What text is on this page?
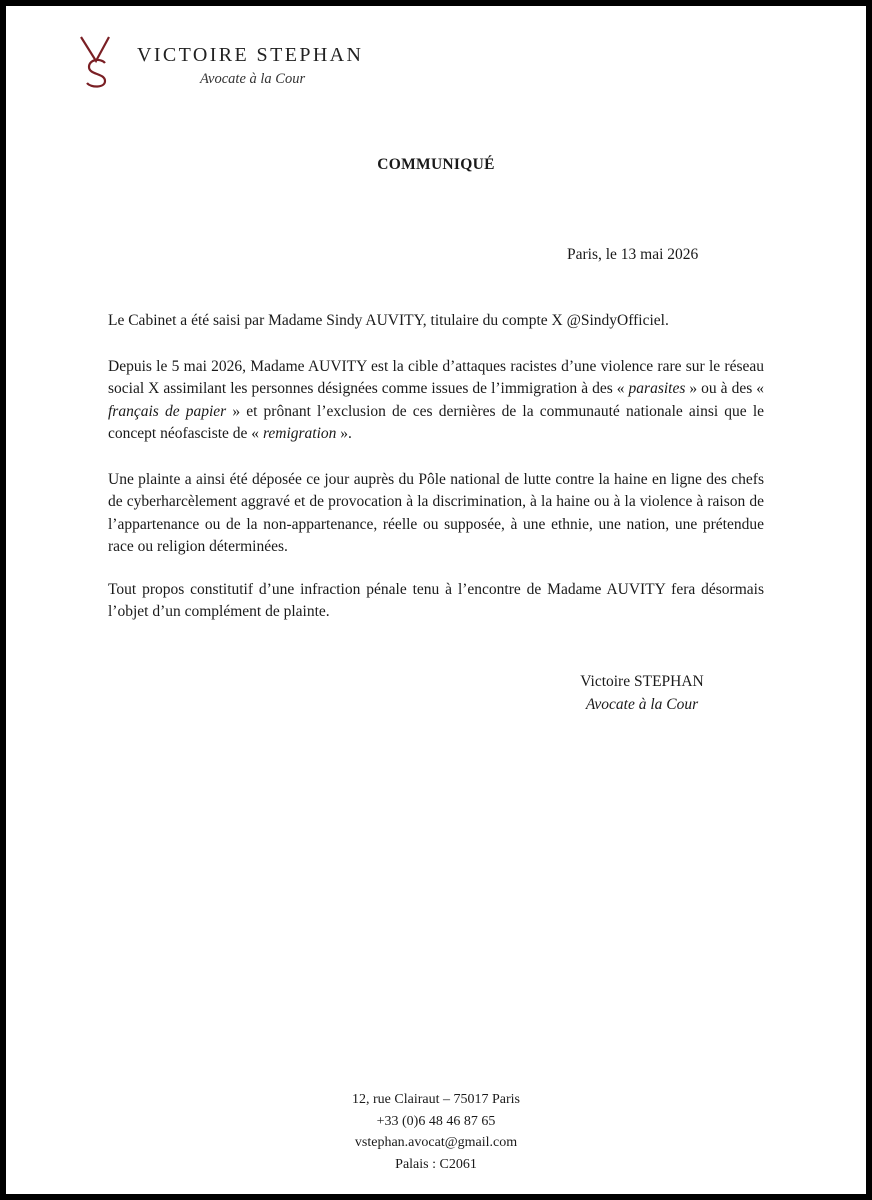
VICTOIRE STEPHAN
Avocate à la Cour
COMMUNIQUÉ
Paris, le 13 mai 2026

Le Cabinet a été saisi par Madame Sindy AUVITY, titulaire du compte X @SindyOfficiel.

Depuis le 5 mai 2026, Madame AUVITY est la cible d’attaques racistes d’une violence rare sur le réseau social X assimilant les personnes désignées comme issues de l’immigration à des « parasites » ou à des « français de papier » et prônant l’exclusion de ces dernières de la communauté nationale ainsi que le concept néofasciste de « remigration ».

Une plainte a ainsi été déposée ce jour auprès du Pôle national de lutte contre la haine en ligne des chefs de cyberharcèlement aggravé et de provocation à la discrimination, à la haine ou à la violence à raison de l’appartenance ou de la non-appartenance, réelle ou supposée, à une ethnie, une nation, une prétendue race ou religion déterminées.

Tout propos constitutif d’une infraction pénale tenu à l’encontre de Madame AUVITY fera désormais l’objet d’un complément de plainte.

Victoire STEPHAN
Avocate à la Cour
12, rue Clairaut – 75017 Paris
+33 (0)6 48 46 87 65
vstephan.avocat@gmail.com
Palais : C2061
